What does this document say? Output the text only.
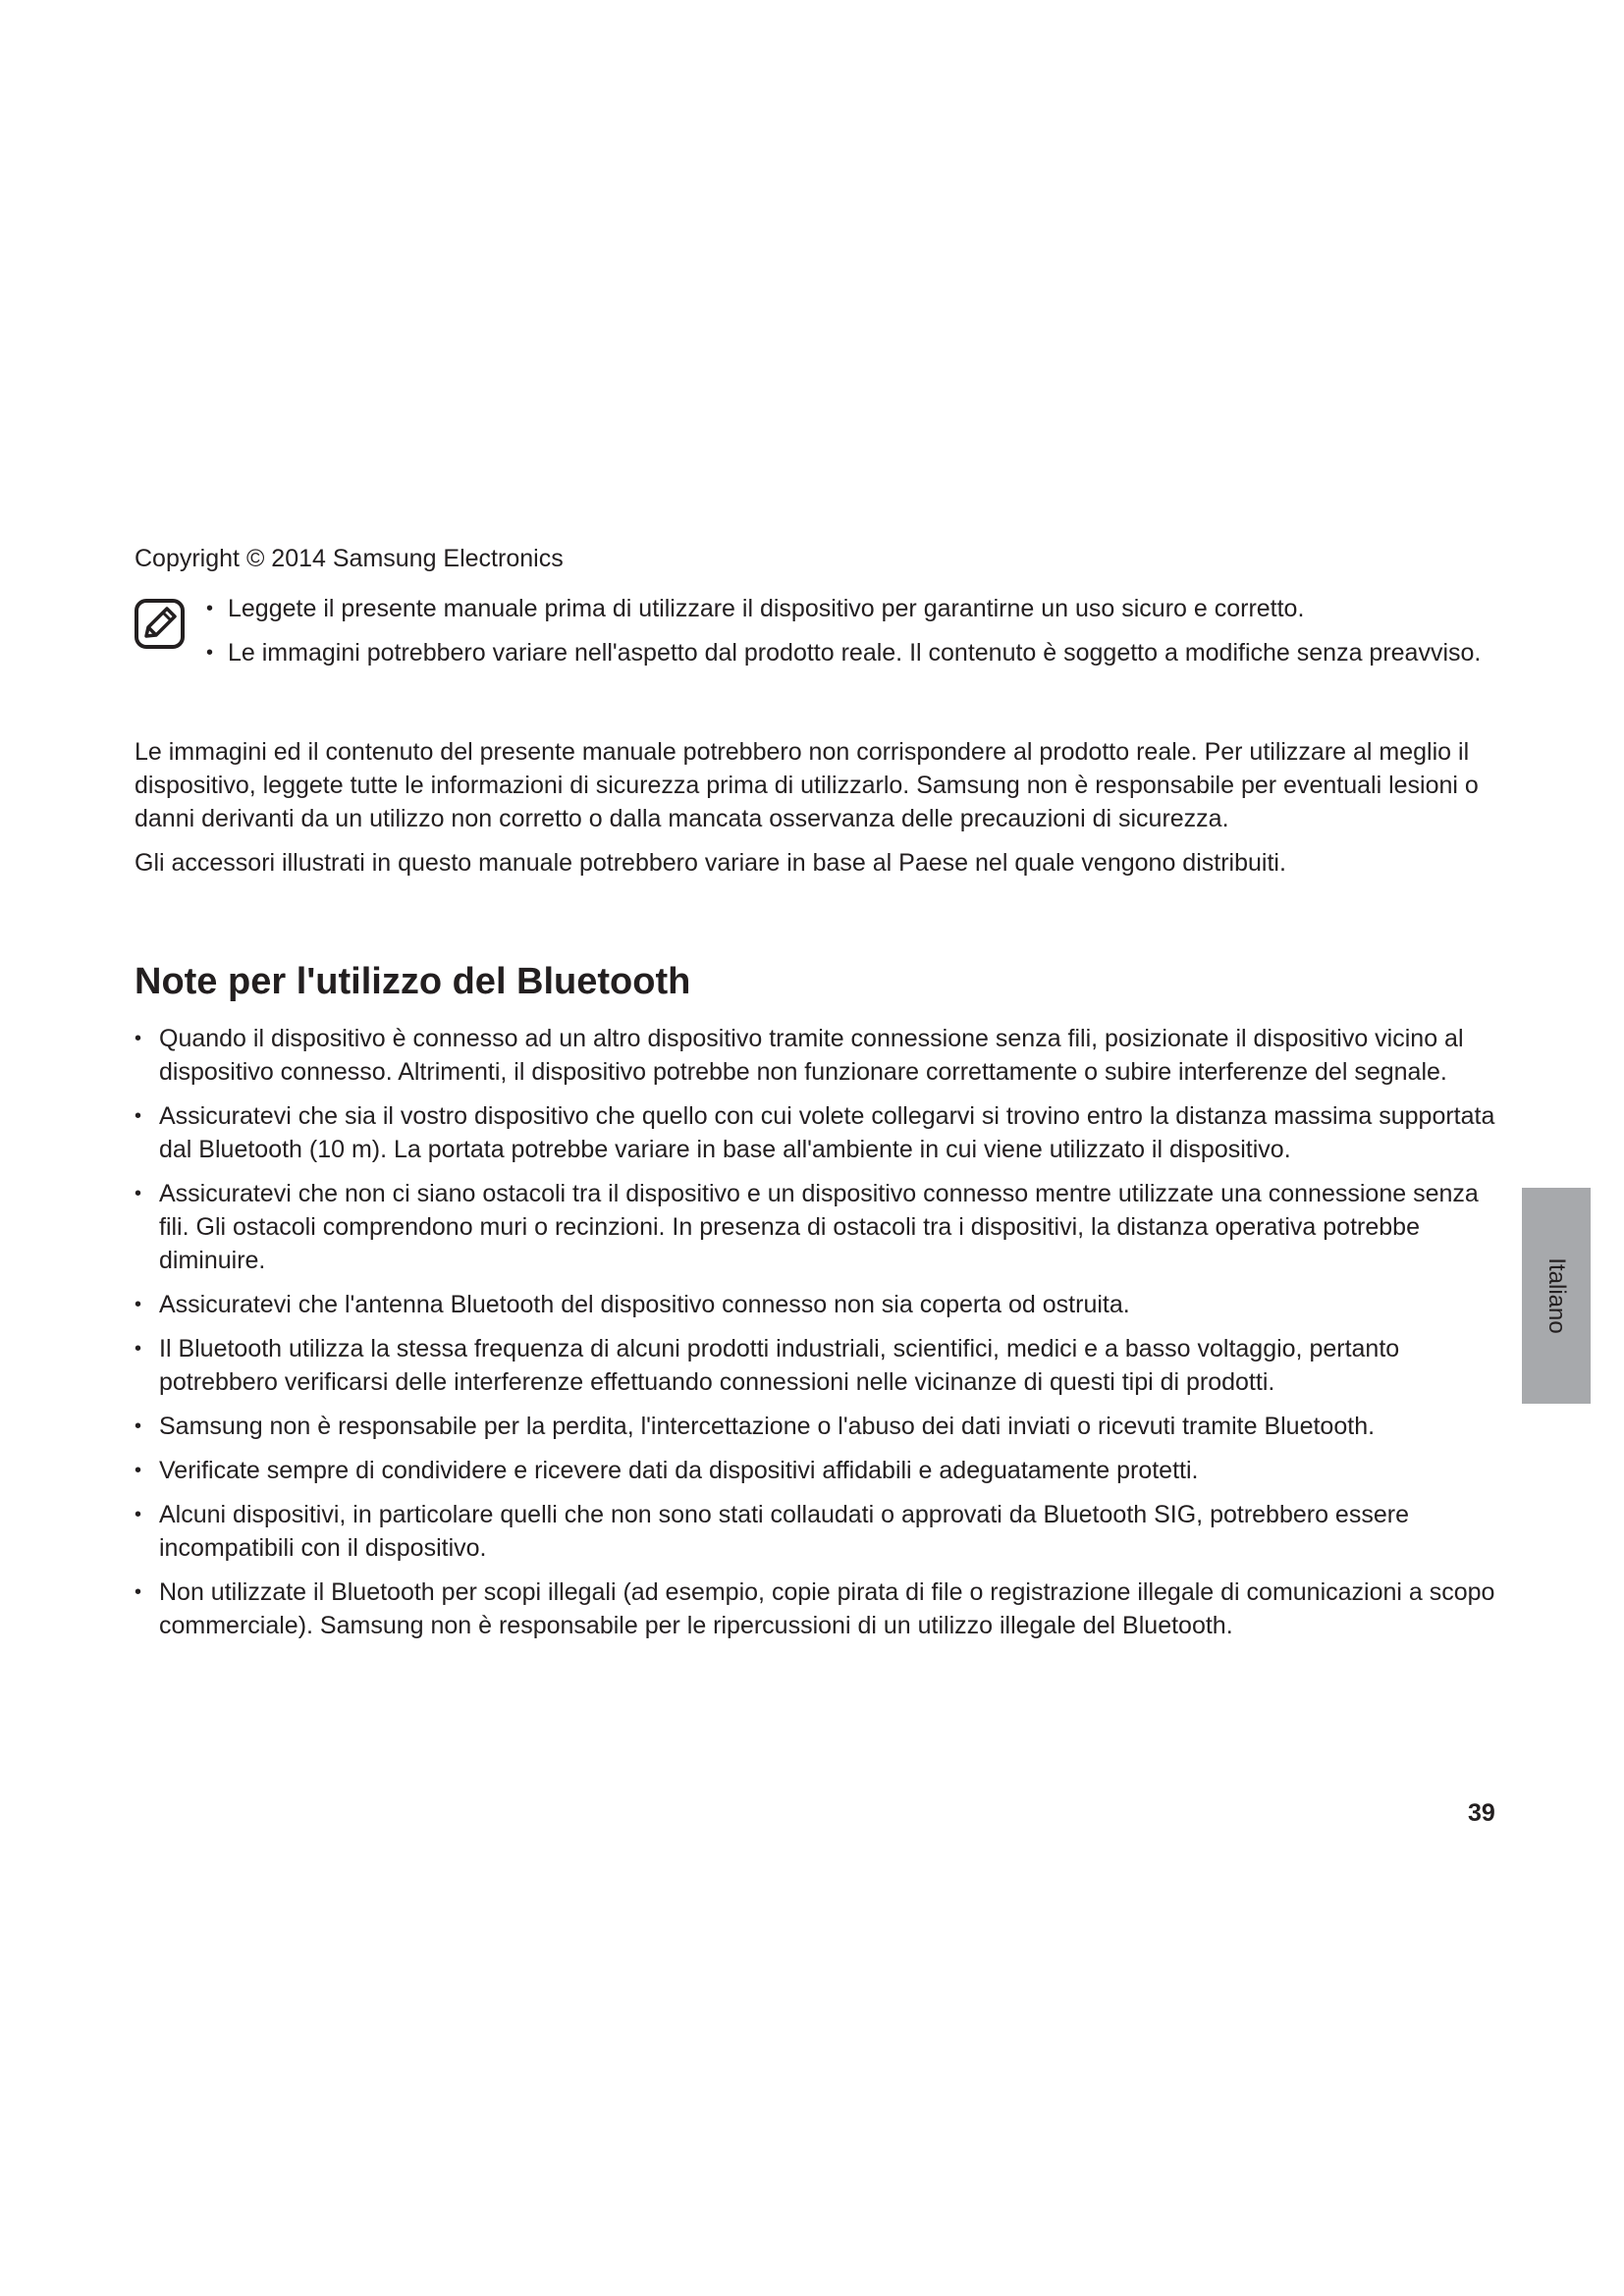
Copyright © 2014 Samsung Electronics

• Leggete il presente manuale prima di utilizzare il dispositivo per garantirne un uso sicuro e corretto.
• Le immagini potrebbero variare nell'aspetto dal prodotto reale. Il contenuto è soggetto a modifiche senza preavviso.

Le immagini ed il contenuto del presente manuale potrebbero non corrispondere al prodotto reale. Per utilizzare al meglio il dispositivo, leggete tutte le informazioni di sicurezza prima di utilizzarlo. Samsung non è responsabile per eventuali lesioni o danni derivanti da un utilizzo non corretto o dalla mancata osservanza delle precauzioni di sicurezza.

Gli accessori illustrati in questo manuale potrebbero variare in base al Paese nel quale vengono distribuiti.

Note per l'utilizzo del Bluetooth
• Quando il dispositivo è connesso ad un altro dispositivo tramite connessione senza fili, posizionate il dispositivo vicino al dispositivo connesso. Altrimenti, il dispositivo potrebbe non funzionare correttamente o subire interferenze del segnale.
• Assicuratevi che sia il vostro dispositivo che quello con cui volete collegarvi si trovino entro la distanza massima supportata dal Bluetooth (10 m). La portata potrebbe variare in base all'ambiente in cui viene utilizzato il dispositivo.
• Assicuratevi che non ci siano ostacoli tra il dispositivo e un dispositivo connesso mentre utilizzate una connessione senza fili. Gli ostacoli comprendono muri o recinzioni. In presenza di ostacoli tra i dispositivi, la distanza operativa potrebbe diminuire.
• Assicuratevi che l'antenna Bluetooth del dispositivo connesso non sia coperta od ostruita.
• Il Bluetooth utilizza la stessa frequenza di alcuni prodotti industriali, scientifici, medici e a basso voltaggio, pertanto potrebbero verificarsi delle interferenze effettuando connessioni nelle vicinanze di questi tipi di prodotti.
• Samsung non è responsabile per la perdita, l'intercettazione o l'abuso dei dati inviati o ricevuti tramite Bluetooth.
• Verificate sempre di condividere e ricevere dati da dispositivi affidabili e adeguatamente protetti.
• Alcuni dispositivi, in particolare quelli che non sono stati collaudati o approvati da Bluetooth SIG, potrebbero essere incompatibili con il dispositivo.
• Non utilizzate il Bluetooth per scopi illegali (ad esempio, copie pirata di file o registrazione illegale di comunicazioni a scopo commerciale). Samsung non è responsabile per le ripercussioni di un utilizzo illegale del Bluetooth.
Italiano

39
